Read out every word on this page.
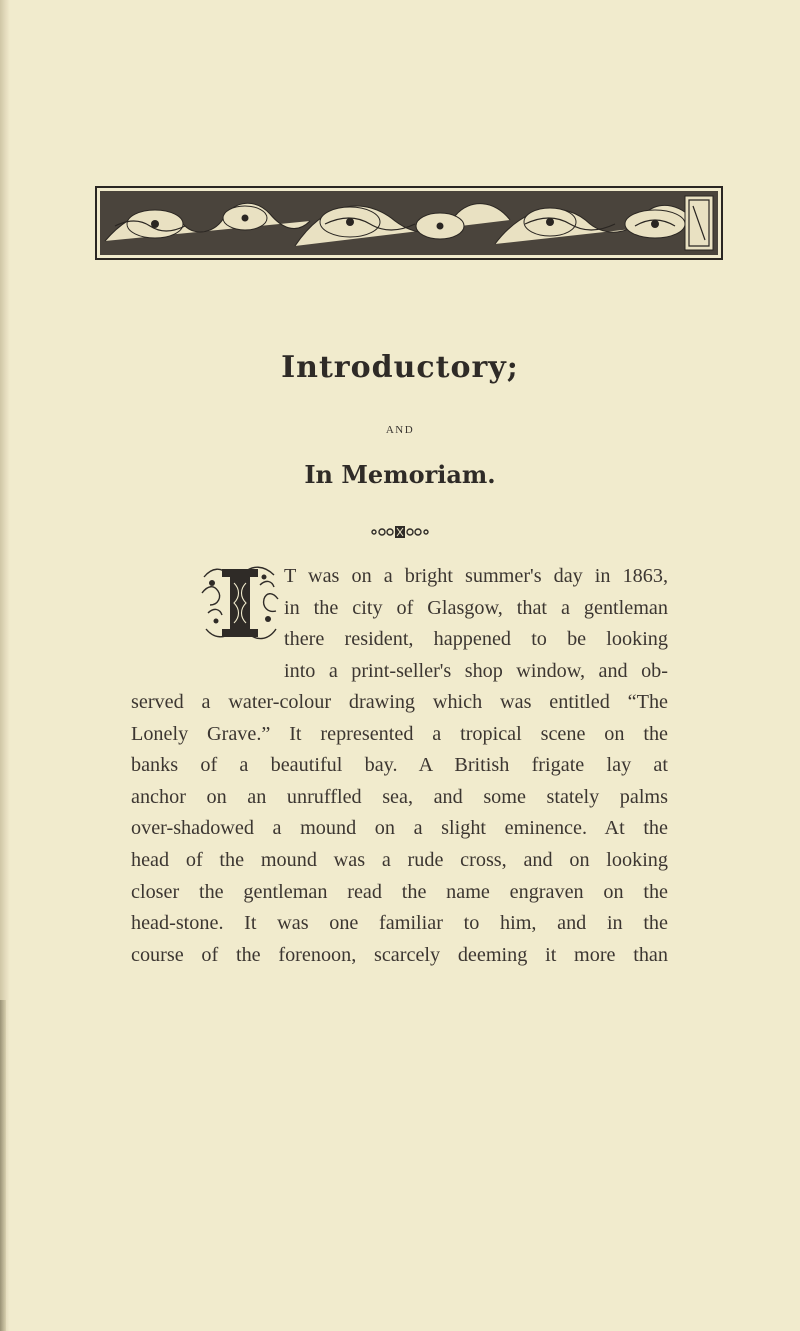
Introductory;
AND
In Memoriam.
T was on a bright summer's day in 1863,
in the city of Glasgow, that a gentleman
there resident, happened to be looking
into a print-seller's shop window, and ob-
served a water-colour drawing which was entitled “The
Lonely Grave.” It represented a tropical scene on the
banks of a beautiful bay. A British frigate lay at
anchor on an unruffled sea, and some stately palms
over-shadowed a mound on a slight eminence. At the
head of the mound was a rude cross, and on looking
closer the gentleman read the name engraven on the
head-stone. It was one familiar to him, and in the
course of the forenoon, scarcely deeming it more than
